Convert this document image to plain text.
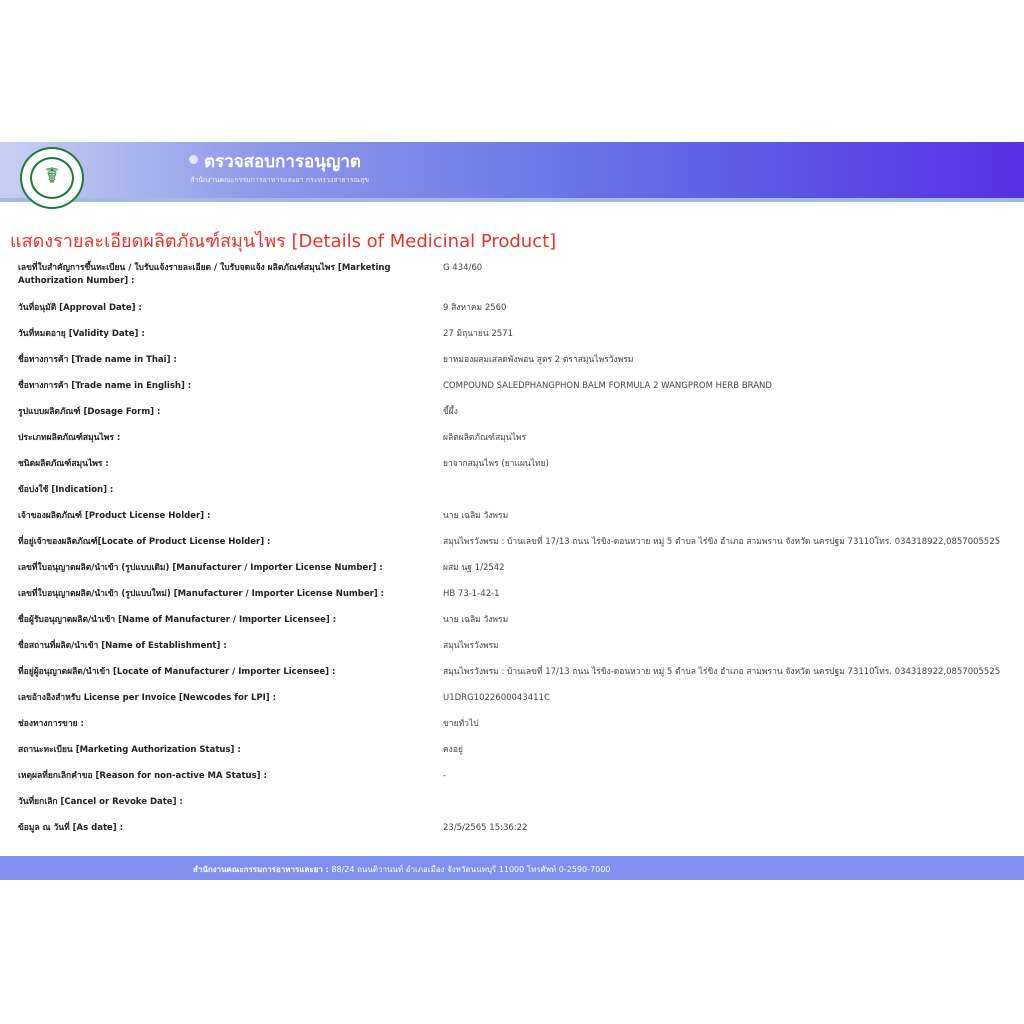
☤
ตรวจสอบการอนุญาต
สำนักงานคณะกรรมการอาหารและยา กระทรวงสาธารณสุข
แสดงรายละเอียดผลิตภัณฑ์สมุนไพร [Details of Medicinal Product]
เลขที่ใบสำคัญการขึ้นทะเบียน / ใบรับแจ้งรายละเอียด / ใบรับจดแจ้ง ผลิตภัณฑ์สมุนไพร [Marketing Authorization Number] :
G 434/60
วันที่อนุมัติ [Approval Date] :	9 สิงหาคม 2560
วันที่หมดอายุ [Validity Date] :	27 มิถุนายน 2571
ชื่อทางการค้า [Trade name in Thai] :	ยาหม่องผสมเสลดพังพอน สูตร 2 ตราสมุนไพรวังพรม
ชื่อทางการค้า [Trade name in English] :	COMPOUND SALEDPHANGPHON BALM FORMULA 2 WANGPROM HERB BRAND
รูปแบบผลิตภัณฑ์ [Dosage Form] :	ขี้ผึ้ง
ประเภทผลิตภัณฑ์สมุนไพร :	ผลิตผลิตภัณฑ์สมุนไพร
ชนิดผลิตภัณฑ์สมุนไพร :	ยาจากสมุนไพร (ยาแผนไทย)
ข้อบ่งใช้ [Indication] :
เจ้าของผลิตภัณฑ์ [Product License Holder] :	นาย เฉลิม วังพรม
ที่อยู่เจ้าของผลิตภัณฑ์[Locate of Product License Holder] :	สมุนไพรวังพรม : บ้านเลขที่ 17/13 ถนน ไร่ขิง-ดอนหวาย หมู่ 5 ตำบล ไร่ขิง อำเภอ สามพราน จังหวัด นครปฐม 73110โทร. 034318922,0857005525
เลขที่ใบอนุญาตผลิต/นำเข้า (รูปแบบเดิม) [Manufacturer / Importer License Number] :	ผสม นฐ 1/2542
เลขที่ใบอนุญาตผลิต/นำเข้า (รูปแบบใหม่) [Manufacturer / Importer License Number] :	HB 73-1-42-1
ชื่อผู้รับอนุญาตผลิต/นำเข้า [Name of Manufacturer / Importer Licensee] :	นาย เฉลิม วังพรม
ชื่อสถานที่ผลิต/นำเข้า [Name of Establishment] :	สมุนไพรวังพรม
ที่อยู่ผู้อนุญาตผลิต/นำเข้า [Locate of Manufacturer / Importer Licensee] :	สมุนไพรวังพรม : บ้านเลขที่ 17/13 ถนน ไร่ขิง-ดอนหวาย หมู่ 5 ตำบล ไร่ขิง อำเภอ สามพราน จังหวัด นครปฐม 73110โทร. 034318922,0857005525
เลขอ้างอิงสำหรับ License per Invoice [Newcodes for LPI] :	U1DRG1022600043411C
ช่องทางการขาย :	ขายทั่วไป
สถานะทะเบียน [Marketing Authorization Status] :	คงอยู่
เหตุผลที่ยกเลิกคำขอ [Reason for non-active MA Status] :	-
วันที่ยกเลิก [Cancel or Revoke Date] :
ข้อมูล ณ วันที่ [As date] :	23/5/2565 15:36:22
สำนักงานคณะกรรมการอาหารและยา : 88/24 ถนนติวานนท์ อำเภอเมือง จังหวัดนนทบุรี 11000 โทรศัพท์ 0-2590-7000
